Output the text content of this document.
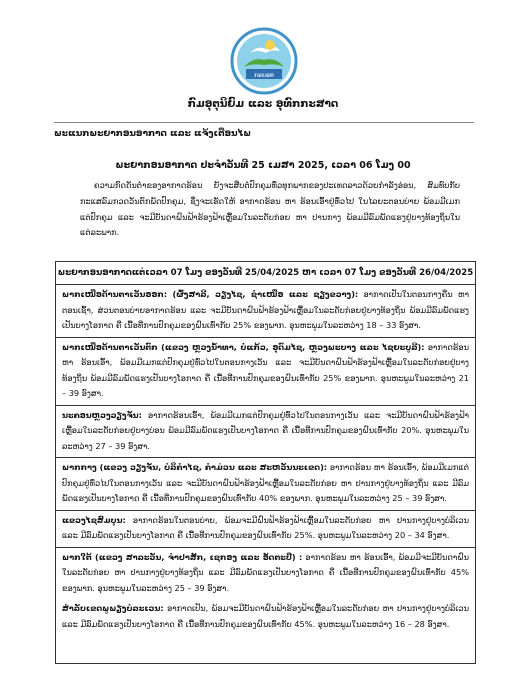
ກອຍອທ
ກົມອຸຕຸນິຍົມ ແລະ ອຸທົກກະສາດ
ພະແນກພະຍາກອນອາກາດ ແລະ ແຈ້ງເຕືອນໄພ
ພະຍາກອນອາກາດ ປະຈຳວັນທີ 25 ເມສາ 2025, ເວລາ 06 ໂມງ 00
ຄວາມກົດດັນຕ່ຳຂອງອາກາດຮ້ອນ ຍັງຈະສືບຕໍ່ປົກຄຸມທົ່ວທຸກພາກຂອງປະເທດລາວດ້ວຍກຳລັງອ່ອນ, ສົມທົບກັບກະແສລົມກວດວັນຕົກພັດປົກຄຸມ, ຊຶ່ງຈະເຮັດໃຫ້ ອາກາດຮ້ອນ ຫາ ຮ້ອນເອົ້າຢູ່ທົ່ວໄປ ໃນໄລຍະຕອນບ່າຍ ພ້ອມມີເມກແຕ່ປົກຄຸມ ແລະ ຈະມີບັນດາຝົນຟ້າຮ້ອງຟ້າເຫຼື້ອມໃນລະດັບກ່ອຍ ຫາ ປານກາງ ພ້ອມມີລົມພັດແຮງຢູ່ບາງທ້ອງຖິ່ນໃນແຕ່ລະພາກ.
ພະຍາກອນອາກາດແຕ່ເວລາ 07 ໂມງ ຂອງວັນທີ 25/04/2025 ຫາ ເວລາ 07 ໂມງ ຂອງວັນທີ 26/04/2025
ພາກເໜືອດ້ານຕາເວັນອອກ: (ຜົ້ງສາລີ, ວຽງໄຊ, ຊໍາເໜືອ ແລະ ຊຽງຂວາງ): ອາກາດເປັນໃນຕອນກາງຄືນ ຫາ ຕອນເຊົ້າ, ສ່ວນຕອນບ່າຍອາກາດຮ້ອນ ແລະ ຈະມີບັນດາຝົນຟ້າຮ້ອງຟ້າເຫຼື້ອມໃນລະດັບກ່ອຍຢູ່ບາງທ້ອງຖິ່ນ ພ້ອມມີລົມພັດແຮງເປັນບາງໂອກາດ ຄື ເນື້ອທີ່ການປົກຄຸມຂອງຝົນເທົ່າກັບ 25% ຂອງພາກ. ອຸນຫະພູມໃນລະຫວ່າງ 18 – 33 ອົງສາ.
ພາກເໜືອດ້ານຕາເວັນຕົກ (ແຂວງ ຫຼວງນ້ຳທາ, ບໍ່ແກ້ວ, ອຸດົມໄຊ, ຫຼວງພະບາງ ແລະ ໄຊຍະບູລີ): ອາກາດຮ້ອນ ຫາ ຮ້ອນເອົ້າ, ພ້ອມມີເມກແຕ່ປົກຄຸມຢູ່ທົ່ວໄປໃນຕອນກາງເວັນ ແລະ ຈະມີບັນດາຝົນຟ້າຮ້ອງຟ້າເຫຼື້ອມໃນລະດັບກ່ອຍຢູ່ບາງທ້ອງຖິ່ນ ພ້ອມມີລົມພັດແຮງເປັນບາງໂອກາດ ຄື ເນື້ອທີ່ການປົກຄຸມຂອງຝົນເທົ່າກັບ 25% ຂອງພາກ. ອຸນຫະພູມໃນລະຫວ່າງ 21 – 39 ອົງສາ.
ນະຄອນຫຼວງວຽງຈັນ: ອາກາດຮ້ອນເອົ້າ, ພ້ອມມີເມກແຕ່ປົກຄຸມຢູ່ທົ່ວໄປໃນຕອນກາງເວັນ ແລະ ຈະມີບັນດາຝົນຟ້າຮ້ອງຟ້າເຫຼື້ອມໃນລະດັບກ່ອຍຢູ່ບາງບ່ອນ ພ້ອມມີລົມພັດແຮງເປັນບາງໂອກາດ ຄື ເນື້ອທີ່ການປົກຄຸມຂອງຝົນເທົ່າກັບ 20%. ອຸນຫະພູມໃນລະຫວ່າງ 27 – 39 ອົງສາ.
ພາກກາງ (ແຂວງ ວຽງຈັນ, ບໍລິຄຳໄຊ, ຄຳມ່ວນ ແລະ ສະຫວັນນະເຂດ): ອາກາດຮ້ອນ ຫາ ຮ້ອນເອົ້າ, ພ້ອມມີເມກແຕ່ປົກຄຸມຢູ່ທົ່ວໄປໃນຕອນກາງເວັນ ແລະ ຈະມີບັນດາຝົນຟ້າຮ້ອງຟ້າເຫຼື້ອມໃນລະດັບກ່ອຍ ຫາ ປານກາງຢູ່ບາງທ້ອງຖິ່ນ ແລະ ມີລົມພັດແຮງເປັນບາງໂອກາດ ຄື ເນື້ອທີ່ການປົກຄຸມຂອງຝົນເທົ່າກັບ 40% ຂອງພາກ. ອຸນຫະພູມໃນລະຫວ່າງ 25 – 39 ອົງສາ.
ແຂວງໄຊສົມບູນ: ອາກາດຮ້ອນໃນຕອນບ່າຍ, ພ້ອມຈະມີຝົນຟ້າຮ້ອງຟ້າເຫຼື້ອມໃນລະດັບກ່ອຍ ຫາ ປານກາງຢູ່ບາງບໍລິເວນ ແລະ ມີລົມພັດແຮງເປັນບາງໂອກາດ ຄື ເນື້ອທີ່ການປົກຄຸມຂອງຝົນເທົ່າກັບ 25%. ອຸນຫະພູມໃນລະຫວ່າງ 20 – 34 ອົງສາ.
ພາກໃຕ້ (ແຂວງ ສາລະວັນ, ຈໍາປາສັກ, ເຊກອງ ແລະ ອັດຕະປື) : ອາກາດຮ້ອນ ຫາ ຮ້ອນເອົ້າ, ພ້ອມມີຈະມີບັນດາຝົນໃນລະດັບກ່ອຍ ຫາ ປານກາງຢູ່ບາງທ້ອງຖິ່ນ ແລະ ມີລົມພັດແຮງເປັນບາງໂອກາດ ຄື ເນື້ອທີ່ການປົກຄຸມຂອງຝົນເທົ່າກັບ 45% ຂອງພາກ. ອຸນຫະພູມໃນລະຫວ່າງ 25 – 39 ອົງສາ.
ສຳລັບເຂດພູພຽງບໍລະເວນ: ອາກາດເປັນ, ພ້ອມຈະມີບັນດາຝົນຟ້າຮ້ອງຟ້າເຫຼື້ອມໃນລະດັບກ່ອຍ ຫາ ປານກາງຢູ່ບາງບໍລິເວນ ແລະ ມີລົມພັດແຮງເປັນບາງໂອກາດ ຄື ເນື້ອທີ່ການປົກຄຸມຂອງຝົນເທົ່າກັບ 45%. ອຸນຫະພູມໃນລະຫວ່າງ 16 – 28 ອົງສາ.
